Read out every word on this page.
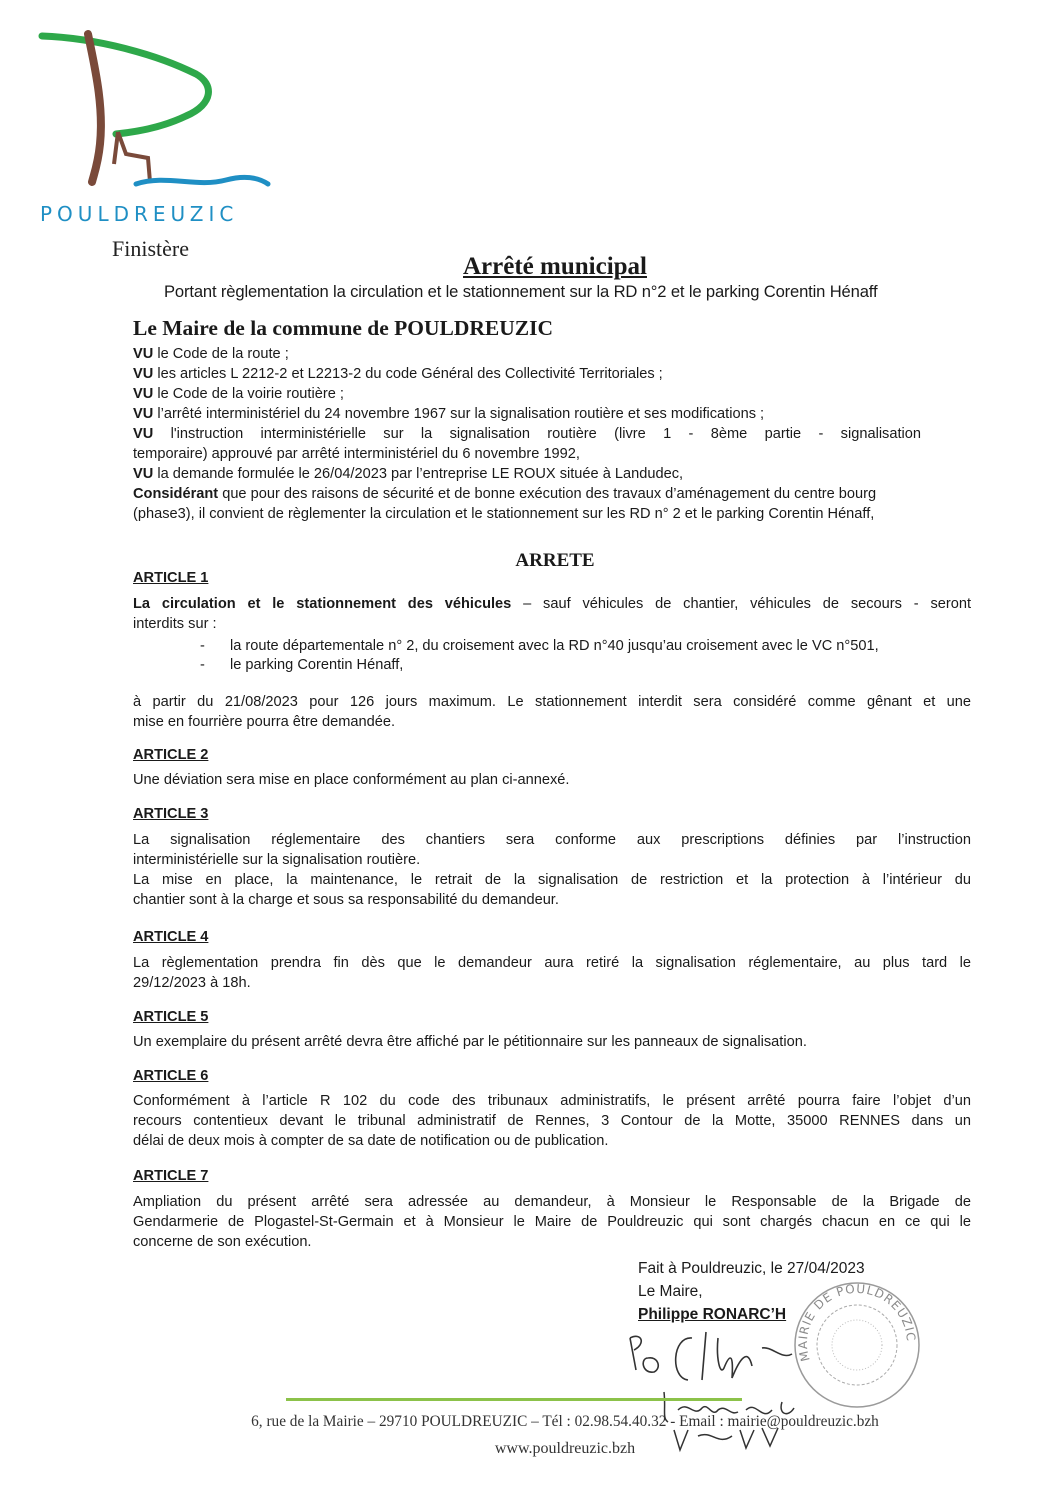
POULDREUZIC
Finistère
Arrêté municipal
Portant règlementation la circulation et le stationnement sur la RD n°2 et le parking Corentin Hénaff
Le Maire de la commune de POULDREUZIC
VU le Code de la route ;
VU les articles L 2212-2 et L2213-2 du code Général des Collectivité Territoriales ;
VU le Code de la voirie routière ;
VU l’arrêté interministériel du 24 novembre 1967 sur la signalisation routière et ses modifications ;
VU l'instruction interministérielle sur la signalisation routière (livre 1 - 8ème partie - signalisation
temporaire) approuvé par arrêté interministériel du 6 novembre 1992,
VU la demande formulée le 26/04/2023 par l’entreprise LE ROUX située à Landudec,
Considérant que pour des raisons de sécurité et de bonne exécution des travaux d’aménagement du centre bourg
(phase3), il convient de règlementer la circulation et le stationnement sur les RD n° 2 et le parking Corentin Hénaff,
ARRETE
ARTICLE 1
La circulation et le stationnement des véhicules – sauf véhicules de chantier, véhicules de secours - seront
interdits sur :
- la route départementale n° 2, du croisement avec la RD n°40 jusqu’au croisement avec le VC n°501,
- le parking Corentin Hénaff,
à partir du 21/08/2023 pour 126 jours maximum. Le stationnement interdit sera considéré comme gênant et une
mise en fourrière pourra être demandée.
ARTICLE 2
Une déviation sera mise en place conformément au plan ci-annexé.
ARTICLE 3
La signalisation réglementaire des chantiers sera conforme aux prescriptions définies par l’instruction
interministérielle sur la signalisation routière.
La mise en place, la maintenance, le retrait de la signalisation de restriction et la protection à l’intérieur du
chantier sont à la charge et sous sa responsabilité du demandeur.
ARTICLE 4
La règlementation prendra fin dès que le demandeur aura retiré la signalisation réglementaire, au plus tard le
29/12/2023 à 18h.
ARTICLE 5
Un exemplaire du présent arrêté devra être affiché par le pétitionnaire sur les panneaux de signalisation.
ARTICLE 6
Conformément à l’article R 102 du code des tribunaux administratifs, le présent arrêté pourra faire l’objet d’un
recours contentieux devant le tribunal administratif de Rennes, 3 Contour de la Motte, 35000 RENNES dans un
délai de deux mois à compter de sa date de notification ou de publication.
ARTICLE 7
Ampliation du présent arrêté sera adressée au demandeur, à Monsieur le Responsable de la Brigade de
Gendarmerie de Plogastel-St-Germain et à Monsieur le Maire de Pouldreuzic qui sont chargés chacun en ce qui le
concerne de son exécution.
Fait à Pouldreuzic, le 27/04/2023
Le Maire,
Philippe RONARC’H
MAIRIE DE POULDREUZIC
6, rue de la Mairie – 29710 POULDREUZIC – Tél : 02.98.54.40.32 - Email : mairie@pouldreuzic.bzh
www.pouldreuzic.bzh
